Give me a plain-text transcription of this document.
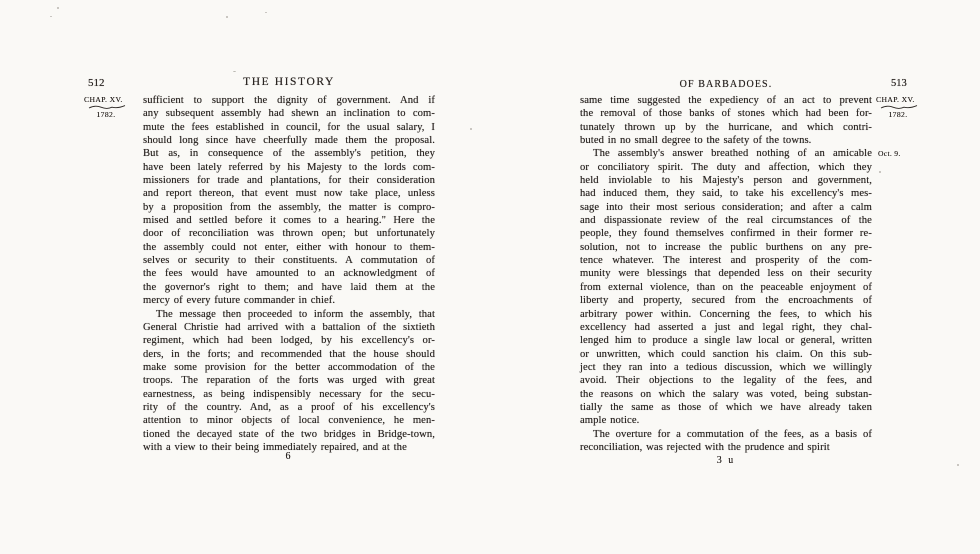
512	THE HISTORY
CHAP. XV.
1782.
sufficient to support the dignity of government. And if
any subsequent assembly had shewn an inclination to com-
mute the fees established in council, for the usual salary, I
should long since have cheerfully made them the proposal.
But as, in consequence of the assembly's petition, they
have been lately referred by his Majesty to the lords com-
missioners for trade and plantations, for their consideration
and report thereon, that event must now take place, unless
by a proposition from the assembly, the matter is compro-
mised and settled before it comes to a hearing." Here the
door of reconciliation was thrown open; but unfortunately
the assembly could not enter, either with honour to them-
selves or security to their constituents. A commutation of
the fees would have amounted to an acknowledgment of
the governor's right to them; and have laid them at the
mercy of every future commander in chief.
The message then proceeded to inform the assembly, that
General Christie had arrived with a battalion of the sixtieth
regiment, which had been lodged, by his excellency's or-
ders, in the forts; and recommended that the house should
make some provision for the better accommodation of the
troops. The reparation of the forts was urged with great
earnestness, as being indispensibly necessary for the secu-
rity of the country. And, as a proof of his excellency's
attention to minor objects of local convenience, he men-
tioned the decayed state of the two bridges in Bridge-town,
with a view to their being immediately repaired, and at the
6
OF BARBADOES.	513
CHAP. XV.
1782.
Oct. 9.
same time suggested the expediency of an act to prevent
the removal of those banks of stones which had been for-
tunately thrown up by the hurricane, and which contri-
buted in no small degree to the safety of the towns.
The assembly's answer breathed nothing of an amicable
or conciliatory spirit. The duty and affection, which they
held inviolable to his Majesty's person and government,
had induced them, they said, to take his excellency's mes-
sage into their most serious consideration; and after a calm
and dispassionate review of the real circumstances of the
people, they found themselves confirmed in their former re-
solution, not to increase the public burthens on any pre-
tence whatever. The interest and prosperity of the com-
munity were blessings that depended less on their security
from external violence, than on the peaceable enjoyment of
liberty and property, secured from the encroachments of
arbitrary power within. Concerning the fees, to which his
excellency had asserted a just and legal right, they chal-
lenged him to produce a single law local or general, written
or unwritten, which could sanction his claim. On this sub-
ject they ran into a tedious discussion, which we willingly
avoid. Their objections to the legality of the fees, and
the reasons on which the salary was voted, being substan-
tially the same as those of which we have already taken
ample notice.
The overture for a commutation of the fees, as a basis of
reconciliation, was rejected with the prudence and spirit
3 u
